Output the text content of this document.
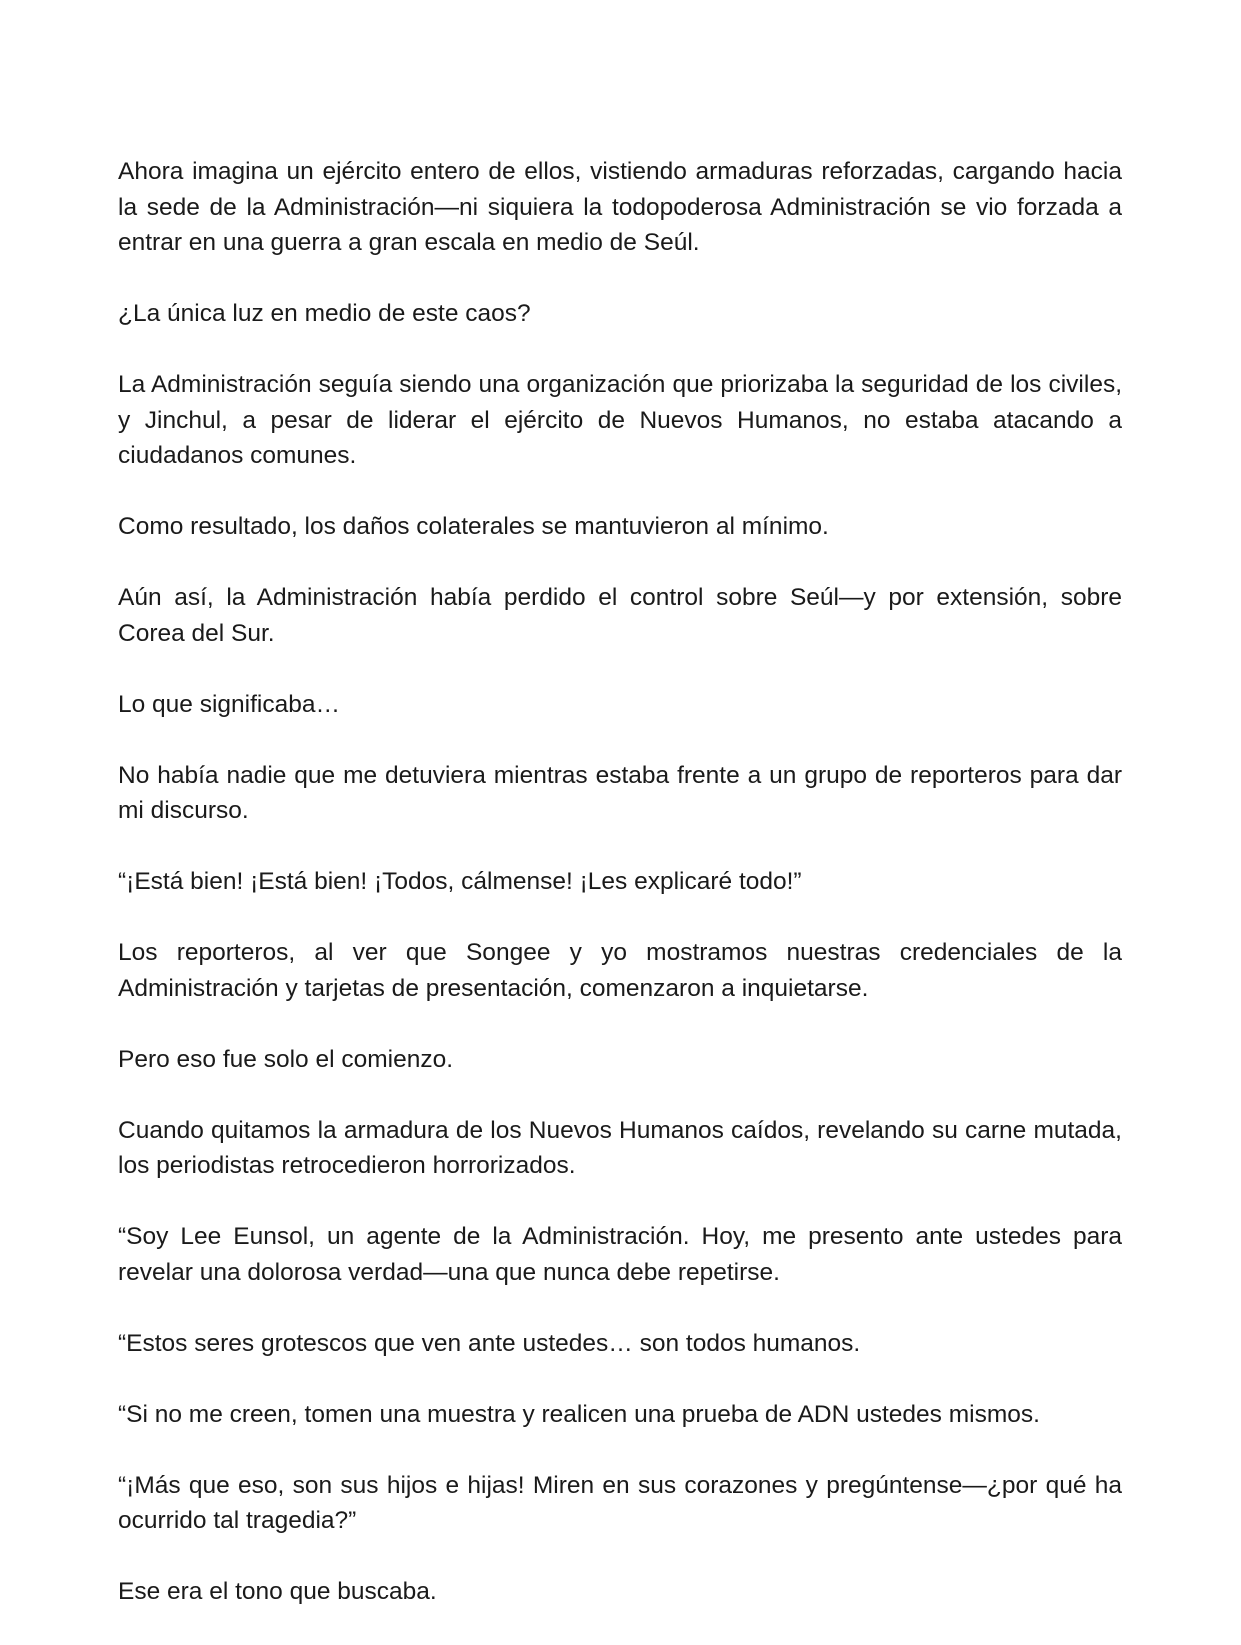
Ahora imagina un ejército entero de ellos, vistiendo armaduras reforzadas, cargando hacia la sede de la Administración—ni siquiera la todopoderosa Administración se vio forzada a entrar en una guerra a gran escala en medio de Seúl.

¿La única luz en medio de este caos?

La Administración seguía siendo una organización que priorizaba la seguridad de los civiles, y Jinchul, a pesar de liderar el ejército de Nuevos Humanos, no estaba atacando a ciudadanos comunes.

Como resultado, los daños colaterales se mantuvieron al mínimo.

Aún así, la Administración había perdido el control sobre Seúl—y por extensión, sobre Corea del Sur.

Lo que significaba…

No había nadie que me detuviera mientras estaba frente a un grupo de reporteros para dar mi discurso.

“¡Está bien! ¡Está bien! ¡Todos, cálmense! ¡Les explicaré todo!”

Los reporteros, al ver que Songee y yo mostramos nuestras credenciales de la Administración y tarjetas de presentación, comenzaron a inquietarse.

Pero eso fue solo el comienzo.

Cuando quitamos la armadura de los Nuevos Humanos caídos, revelando su carne mutada, los periodistas retrocedieron horrorizados.

“Soy Lee Eunsol, un agente de la Administración. Hoy, me presento ante ustedes para revelar una dolorosa verdad—una que nunca debe repetirse.

“Estos seres grotescos que ven ante ustedes… son todos humanos.

“Si no me creen, tomen una muestra y realicen una prueba de ADN ustedes mismos.

“¡Más que eso, son sus hijos e hijas! Miren en sus corazones y pregúntense—¿por qué ha ocurrido tal tragedia?”

Ese era el tono que buscaba.
